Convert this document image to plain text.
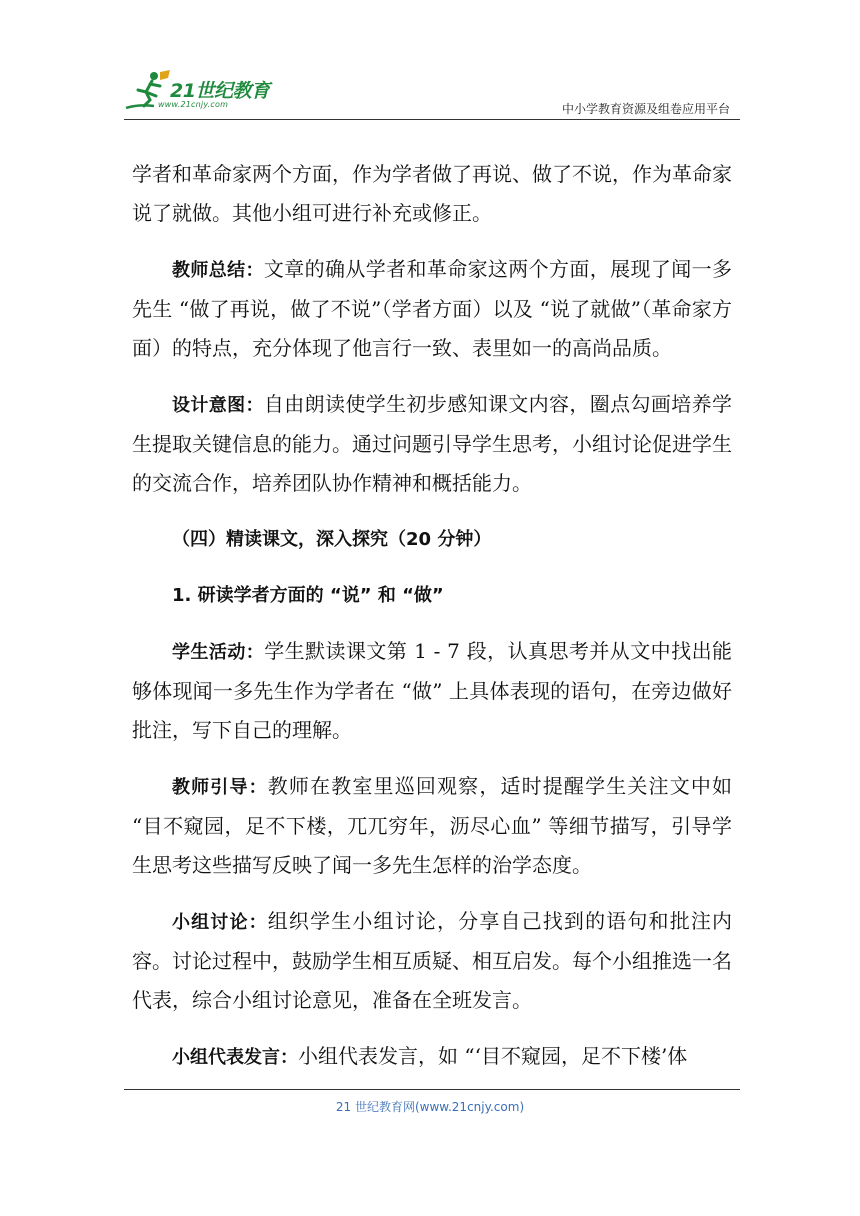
21世纪教育
www.21cnjy.com	中小学教育资源及组卷应用平台

学者和革命家两个方面，作为学者做了再说、做了不说，作为革命家说了就做。其他小组可进行补充或修正。

教师总结：文章的确从学者和革命家这两个方面，展现了闻一多先生 “做了再说，做了不说”（学者方面）以及 “说了就做”（革命家方面）的特点，充分体现了他言行一致、表里如一的高尚品质。

设计意图：自由朗读使学生初步感知课文内容，圈点勾画培养学生提取关键信息的能力。通过问题引导学生思考，小组讨论促进学生的交流合作，培养团队协作精神和概括能力。

（四）精读课文，深入探究（20 分钟）
1. 研读学者方面的 “说” 和 “做”

学生活动：学生默读课文第 1 - 7 段，认真思考并从文中找出能够体现闻一多先生作为学者在 “做” 上具体表现的语句，在旁边做好批注，写下自己的理解。

教师引导：教师在教室里巡回观察，适时提醒学生关注文中如 “目不窥园，足不下楼，兀兀穷年，沥尽心血” 等细节描写，引导学生思考这些描写反映了闻一多先生怎样的治学态度。

小组讨论：组织学生小组讨论，分享自己找到的语句和批注内容。讨论过程中，鼓励学生相互质疑、相互启发。每个小组推选一名代表，综合小组讨论意见，准备在全班发言。

小组代表发言：小组代表发言，如 “‘目不窥园，足不下楼’体

21 世纪教育网(www.21cnjy.com)
